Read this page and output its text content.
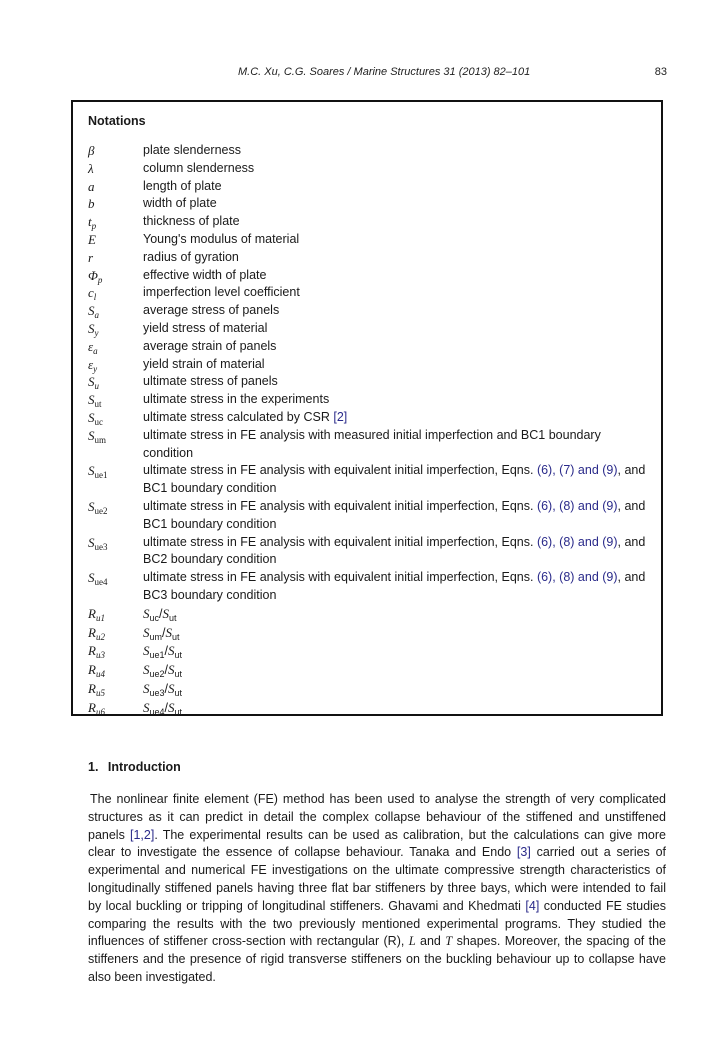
M.C. Xu, C.G. Soares / Marine Structures 31 (2013) 82–101	83
Notations
β	plate slenderness
λ	column slenderness
a	length of plate
b	width of plate
$t_p$	thickness of plate
E	Young's modulus of material
r	radius of gyration
$\Phi_p$	effective width of plate
$c_l$	imperfection level coefficient
$S_a$	average stress of panels
$S_y$	yield stress of material
$\varepsilon_a$	average strain of panels
$\varepsilon_y$	yield strain of material
$S_u$	ultimate stress of panels
$S_{ut}$	ultimate stress in the experiments
$S_{uc}$	ultimate stress calculated by CSR [2]
$S_{um}$	ultimate stress in FE analysis with measured initial imperfection and BC1 boundary condition
$S_{ue1}$	ultimate stress in FE analysis with equivalent initial imperfection, Eqns. (6), (7) and (9), and BC1 boundary condition
$S_{ue2}$	ultimate stress in FE analysis with equivalent initial imperfection, Eqns. (6), (8) and (9), and BC1 boundary condition
$S_{ue3}$	ultimate stress in FE analysis with equivalent initial imperfection, Eqns. (6), (8) and (9), and BC2 boundary condition
$S_{ue4}$	ultimate stress in FE analysis with equivalent initial imperfection, Eqns. (6), (8) and (9), and BC3 boundary condition
$R_{u1}$	$S_{uc}/S_{ut}$
$R_{u2}$	$S_{um}/S_{ut}$
$R_{u3}$	$S_{ue1}/S_{ut}$
$R_{u4}$	$S_{ue2}/S_{ut}$
$R_{u5}$	$S_{ue3}/S_{ut}$
$R_{u6}$	$S_{ue4}/S_{ut}$
1. Introduction

The nonlinear finite element (FE) method has been used to analyse the strength of very complicated structures as it can predict in detail the complex collapse behaviour of the stiffened and unstiffened panels [1,2]. The experimental results can be used as calibration, but the calculations can give more clear to investigate the essence of collapse behaviour. Tanaka and Endo [3] carried out a series of experimental and numerical FE investigations on the ultimate compressive strength characteristics of longitudinally stiffened panels having three flat bar stiffeners by three bays, which were intended to fail by local buckling or tripping of longitudinal stiffeners. Ghavami and Khedmati [4] conducted FE studies comparing the results with the two previously mentioned experimental programs. They studied the influences of stiffener cross-section with rectangular (R), L and T shapes. Moreover, the spacing of the stiffeners and the presence of rigid transverse stiffeners on the buckling behaviour up to collapse have also been investigated.
